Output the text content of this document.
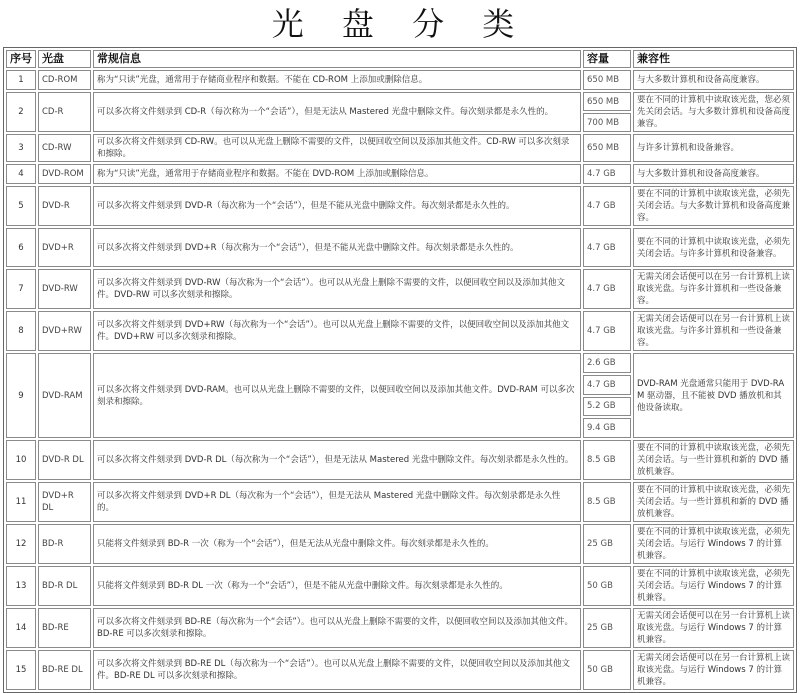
光 盘 分 类
序号	光盘	常规信息	容量	兼容性
1	CD-ROM	称为“只读”光盘，通常用于存储商业程序和数据。不能在 CD-ROM 上添加或删除信息。	650 MB	与大多数计算机和设备高度兼容。
2	CD-R	可以多次将文件刻录到 CD-R（每次称为一个“会话”），但是无法从 Mastered 光盘中删除文件。每次刻录都是永久性的。	650 MB	要在不同的计算机中读取该光盘，您必须先关闭会话。与大多数计算机和设备高度兼容。
			700 MB	
3	CD-RW	可以多次将文件刻录到 CD-RW。也可以从光盘上删除不需要的文件，以便回收空间以及添加其他文件。CD-RW 可以多次刻录和擦除。	650 MB	与许多计算机和设备兼容。
4	DVD-ROM	称为“只读”光盘，通常用于存储商业程序和数据。不能在 DVD-ROM 上添加或删除信息。	4.7 GB	与大多数计算机和设备高度兼容。
5	DVD-R	可以多次将文件刻录到 DVD-R（每次称为一个“会话”），但是不能从光盘中删除文件。每次刻录都是永久性的。	4.7 GB	要在不同的计算机中读取该光盘，必须先关闭会话。与大多数计算机和设备高度兼容。
6	DVD+R	可以多次将文件刻录到 DVD+R（每次称为一个“会话”），但是不能从光盘中删除文件。每次刻录都是永久性的。	4.7 GB	要在不同的计算机中读取该光盘，必须先关闭会话。与许多计算机和设备兼容。
7	DVD-RW	可以多次将文件刻录到 DVD-RW（每次称为一个“会话”）。也可以从光盘上删除不需要的文件，以便回收空间以及添加其他文件。DVD-RW 可以多次刻录和擦除。	4.7 GB	无需关闭会话便可以在另一台计算机上读取该光盘。与许多计算机和一些设备兼容。
8	DVD+RW	可以多次将文件刻录到 DVD+RW（每次称为一个“会话”）。也可以从光盘上删除不需要的文件，以便回收空间以及添加其他文件。DVD+RW 可以多次刻录和擦除。	4.7 GB	无需关闭会话便可以在另一台计算机上读取该光盘。与许多计算机和一些设备兼容。
9	DVD-RAM	可以多次将文件刻录到 DVD-RAM。也可以从光盘上删除不需要的文件，以便回收空间以及添加其他文件。DVD-RAM 可以多次刻录和擦除。	2.6 GB	DVD-RAM 光盘通常只能用于 DVD-RAM 驱动器，且不能被 DVD 播放机和其他设备读取。
			4.7 GB	
			5.2 GB	
			9.4 GB	
10	DVD-R DL	可以多次将文件刻录到 DVD-R DL（每次称为一个“会话”），但是无法从 Mastered 光盘中删除文件。每次刻录都是永久性的。	8.5 GB	要在不同的计算机中读取该光盘，必须先关闭会话。与一些计算机和新的 DVD 播放机兼容。
11	DVD+R DL	可以多次将文件刻录到 DVD+R DL（每次称为一个“会话”），但是无法从 Mastered 光盘中删除文件。每次刻录都是永久性的。	8.5 GB	要在不同的计算机中读取该光盘，必须先关闭会话。与一些计算机和新的 DVD 播放机兼容。
12	BD-R	只能将文件刻录到 BD-R 一次（称为一个“会话”），但是无法从光盘中删除文件。每次刻录都是永久性的。	25 GB	要在不同的计算机中读取该光盘，必须先关闭会话。与运行 Windows 7 的计算机兼容。
13	BD-R DL	只能将文件刻录到 BD-R DL 一次（称为一个“会话”），但是不能从光盘中删除文件。每次刻录都是永久性的。	50 GB	要在不同的计算机中读取该光盘，必须先关闭会话。与运行 Windows 7 的计算机兼容。
14	BD-RE	可以多次将文件刻录到 BD-RE（每次称为一个“会话”）。也可以从光盘上删除不需要的文件，以便回收空间以及添加其他文件。BD-RE 可以多次刻录和擦除。	25 GB	无需关闭会话便可以在另一台计算机上读取该光盘。与运行 Windows 7 的计算机兼容。
15	BD-RE DL	可以多次将文件刻录到 BD-RE DL（每次称为一个“会话”）。也可以从光盘上删除不需要的文件，以便回收空间以及添加其他文件。BD-RE DL 可以多次刻录和擦除。	50 GB	无需关闭会话便可以在另一台计算机上读取该光盘。与运行 Windows 7 的计算机兼容。
